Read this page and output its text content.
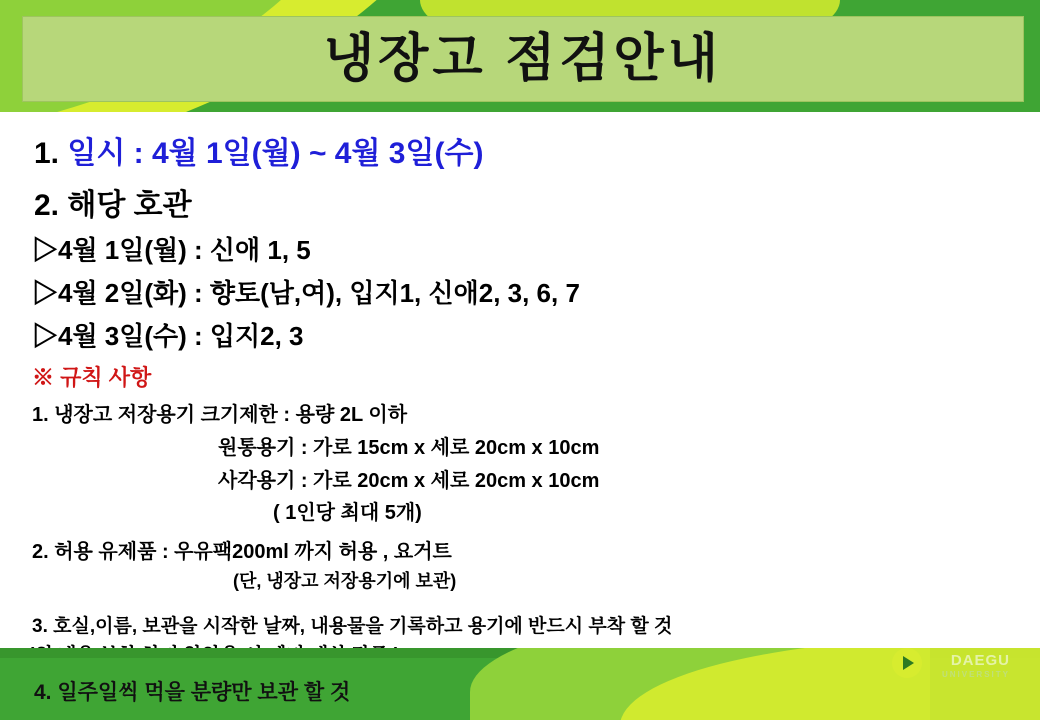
냉장고 점검안내
1. 일시 : 4월 1일(월) ~ 4월 3일(수)
2. 해당 호관
▷4월 1일(월) : 신애 1, 5
▷4월 2일(화) : 향토(남,여), 입지1, 신애2, 3, 6, 7
▷4월 3일(수) : 입지2, 3
※ 규칙 사항
1. 냉장고 저장용기 크기제한 : 용량 2L 이하
원통용기 : 가로 15cm x 세로 20cm x 10cm
사각용기 : 가로 20cm x 세로 20cm x 10cm
( 1인당 최대 5개)
2. 허용 유제품 : 우유팩200ml 까지 허용 , 요거트
(단, 냉장고 저장용기에 보관)
3. 호실,이름, 보관을 시작한 날짜, 내용물을 기록하고 용기에 반드시 부착 할 것
4. 일주일씩 먹을 분량만 보관 할 것
DAEGU
UNIVERSITY
